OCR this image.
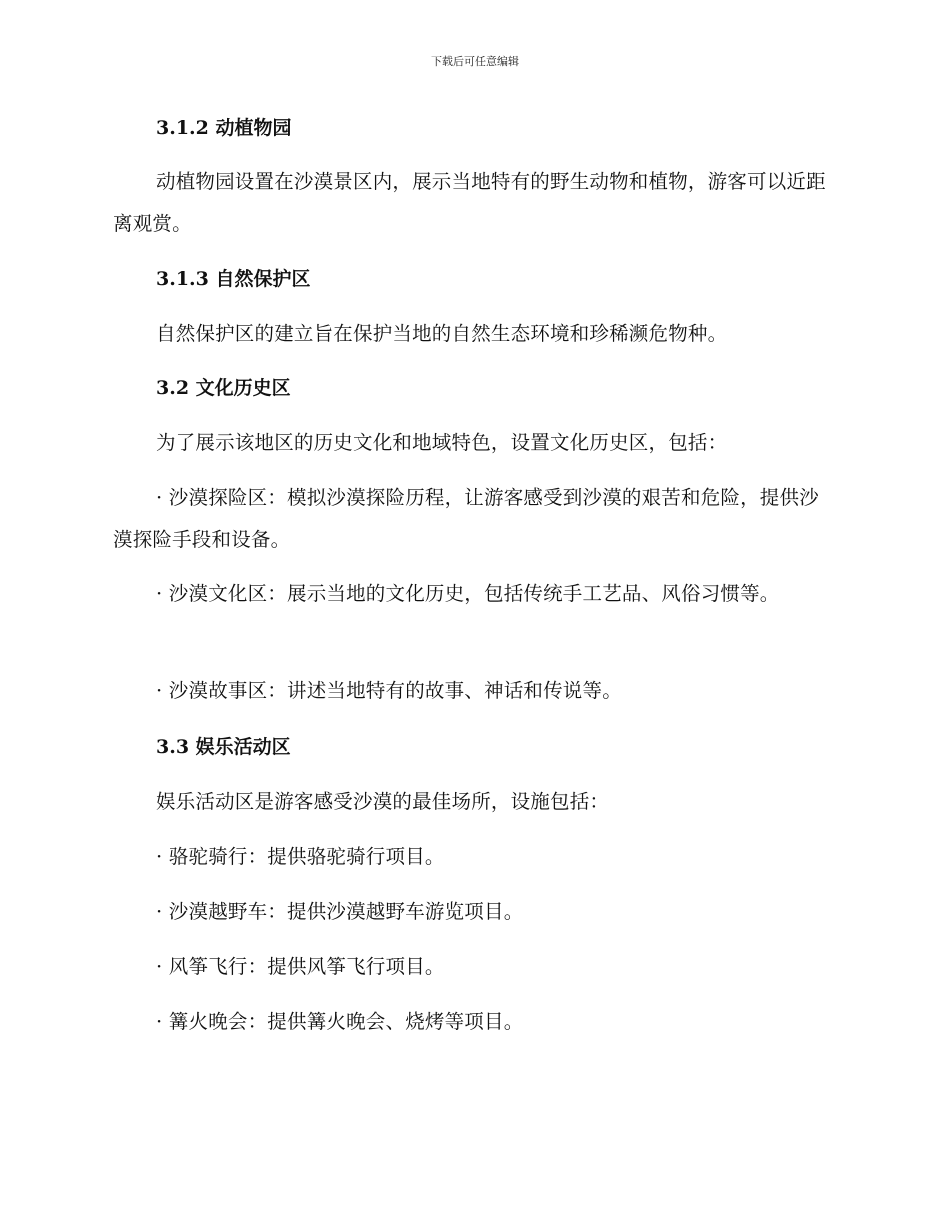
下载后可任意编辑
3.1.2 动植物园

动植物园设置在沙漠景区内，展示当地特有的野生动物和植物，游客可以近距离观赏。

3.1.3 自然保护区

自然保护区的建立旨在保护当地的自然生态环境和珍稀濒危物种。

3.2 文化历史区

为了展示该地区的历史文化和地域特色，设置文化历史区，包括：

· 沙漠探险区：模拟沙漠探险历程，让游客感受到沙漠的艰苦和危险，提供沙漠探险手段和设备。

· 沙漠文化区：展示当地的文化历史，包括传统手工艺品、风俗习惯等。

· 沙漠故事区：讲述当地特有的故事、神话和传说等。

3.3 娱乐活动区

娱乐活动区是游客感受沙漠的最佳场所，设施包括：

· 骆驼骑行：提供骆驼骑行项目。

· 沙漠越野车：提供沙漠越野车游览项目。

· 风筝飞行：提供风筝飞行项目。

· 篝火晚会：提供篝火晚会、烧烤等项目。
